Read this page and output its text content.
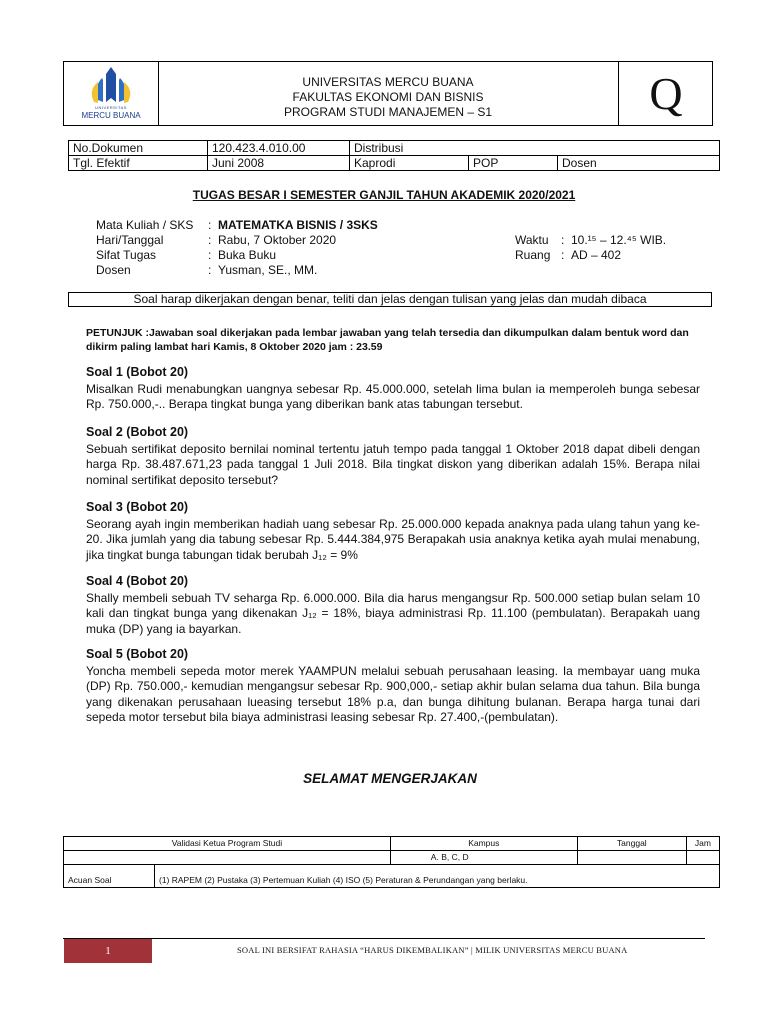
UNIVERSITAS
MERCU BUANA
UNIVERSITAS MERCU BUANA
FAKULTAS EKONOMI DAN BISNIS
PROGRAM STUDI MANAJEMEN – S1	Q
No.Dokumen	120.423.4.010.00	Distribusi		
Tgl. Efektif	Juni 2008	Kaprodi	POP	Dosen
TUGAS BESAR I SEMESTER GANJIL TAHUN AKADEMIK 2020/2021
Mata Kuliah / SKS : MATEMATKA BISNIS / 3SKS
Hari/Tanggal	: Rabu, 7 Oktober 2020
Sifat Tugas	: Buka Buku
Dosen	: Yusman, SE., MM.
Waktu : 10.¹⁵ – 12.⁴⁵ WIB.
Ruang : AD – 402
Soal harap dikerjakan dengan benar, teliti dan jelas dengan tulisan yang jelas dan mudah dibaca
PETUNJUK :Jawaban soal dikerjakan pada lembar jawaban yang telah tersedia dan dikumpulkan dalam bentuk word dan dikirm paling lambat hari Kamis, 8 Oktober 2020 jam : 23.59
Soal 1 (Bobot 20)
Misalkan Rudi menabungkan uangnya sebesar Rp. 45.000.000, setelah lima bulan ia memperoleh bunga sebesar Rp. 750.000,-.. Berapa tingkat bunga yang diberikan bank atas tabungan tersebut.
Soal 2 (Bobot 20)
Sebuah sertifikat deposito bernilai nominal tertentu jatuh tempo pada tanggal 1 Oktober 2018 dapat dibeli dengan harga Rp. 38.487.671,23 pada tanggal 1 Juli 2018. Bila tingkat diskon yang diberikan adalah 15%. Berapa nilai nominal sertifikat deposito tersebut?
Soal 3 (Bobot 20)
Seorang ayah ingin memberikan hadiah uang sebesar Rp. 25.000.000 kepada anaknya pada ulang tahun yang ke-20. Jika jumlah yang dia tabung sebesar Rp. 5.444.384,975 Berapakah usia anaknya ketika ayah mulai menabung, jika tingkat bunga tabungan tidak berubah J₁₂ = 9%
Soal 4 (Bobot 20)
Shally membeli sebuah TV seharga Rp. 6.000.000. Bila dia harus mengangsur Rp. 500.000 setiap bulan selam 10 kali dan tingkat bunga yang dikenakan J₁₂ = 18%, biaya administrasi Rp. 11.100 (pembulatan). Berapakah uang muka (DP) yang ia bayarkan.
Soal 5 (Bobot 20)
Yoncha membeli sepeda motor merek YAAMPUN melalui sebuah perusahaan leasing. Ia membayar uang muka (DP) Rp. 750.000,- kemudian mengangsur sebesar Rp. 900,000,- setiap akhir bulan selama dua tahun. Bila bunga yang dikenakan perusahaan lueasing tersebut 18% p.a, dan bunga dihitung bulanan. Berapa harga tunai dari sepeda motor tersebut bila biaya administrasi leasing sebesar Rp. 27.400,-(pembulatan).
SELAMAT MENGERJAKAN
Validasi Ketua Program Studi		Kampus	Tanggal	Jam
		A. B, C, D		
Acuan Soal	(1) RAPEM (2) Pustaka (3) Pertemuan Kuliah (4) ISO (5) Peraturan & Perundangan yang berlaku.			
1	SOAL INI BERSIFAT RAHASIA “HARUS DIKEMBALIKAN” | MILIK UNIVERSITAS MERCU BUANA
